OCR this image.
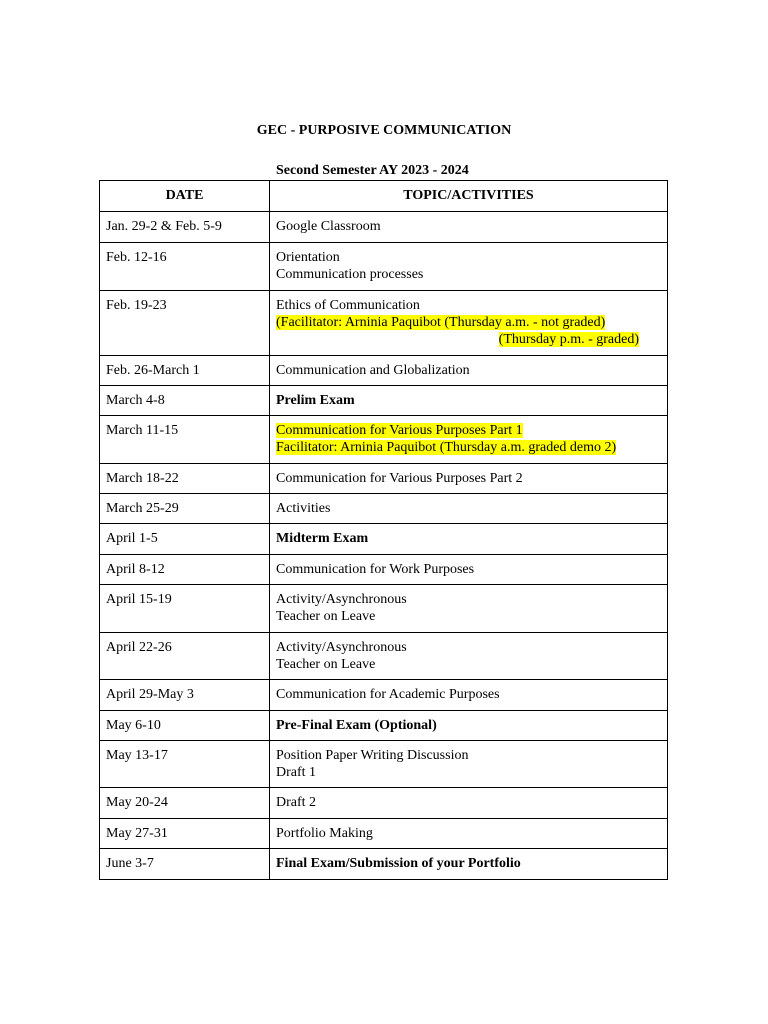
GEC - PURPOSIVE COMMUNICATION
Second Semester AY 2023 - 2024
DATE	TOPIC/ACTIVITIES
Jan. 29-2 & Feb. 5-9	Google Classroom

Feb. 12-16	Orientation
Communication processes

Feb. 19-23	Ethics of Communication
(Facilitator: Arninia Paquibot (Thursday a.m. - not graded)
(Thursday p.m. - graded)

Feb. 26-March 1	Communication and Globalization

March 4-8	Prelim Exam

March 11-15	Communication for Various Purposes Part 1
Facilitator: Arninia Paquibot (Thursday a.m. graded demo 2)

March 18-22	Communication for Various Purposes Part 2

March 25-29	Activities

April 1-5	Midterm Exam

April 8-12	Communication for Work Purposes

April 15-19	Activity/Asynchronous
Teacher on Leave

April 22-26	Activity/Asynchronous
Teacher on Leave

April 29-May 3	Communication for Academic Purposes

May 6-10	Pre-Final Exam (Optional)

May 13-17	Position Paper Writing Discussion
Draft 1

May 20-24	Draft 2

May 27-31	Portfolio Making

June 3-7	Final Exam/Submission of your Portfolio
